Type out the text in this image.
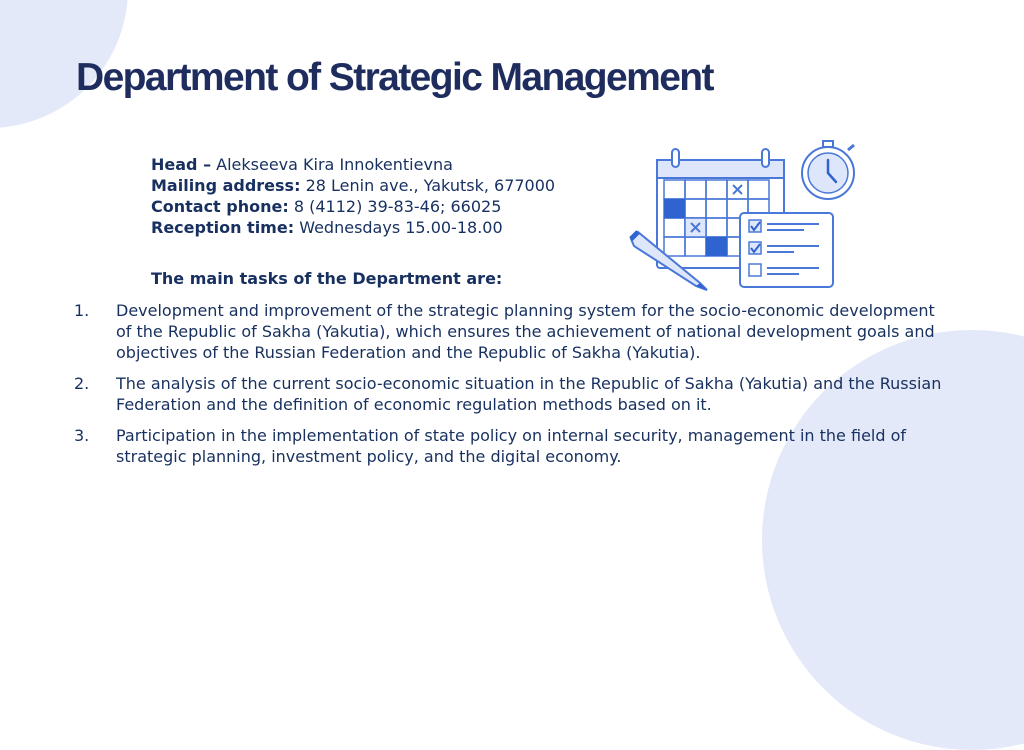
Department of Strategic Management
Head – Alekseeva Kira Innokentievna
Mailing address: 28 Lenin ave., Yakutsk, 677000
Contact phone: 8 (4112) 39-83-46; 66025
Reception time: Wednesdays 15.00-18.00
The main tasks of the Department are:
1. Development and improvement of the strategic planning system for the socio-economic development of the Republic of Sakha (Yakutia), which ensures the achievement of national development goals and objectives of the Russian Federation and the Republic of Sakha (Yakutia).
2. The analysis of the current socio-economic situation in the Republic of Sakha (Yakutia) and the Russian Federation and the definition of economic regulation methods based on it.
3. Participation in the implementation of state policy on internal security, management in the field of strategic planning, investment policy, and the digital economy.
